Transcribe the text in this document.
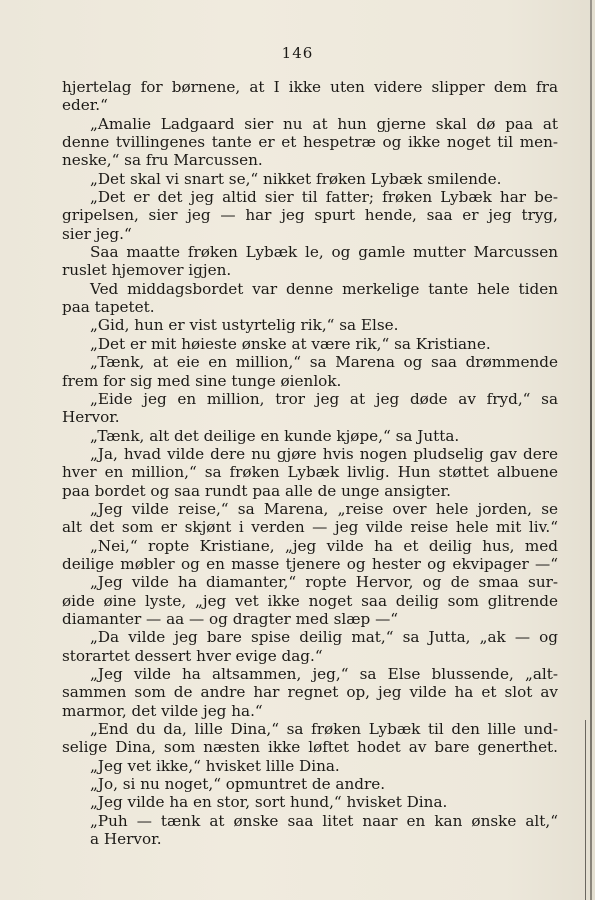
146
hjertelag for børnene, at I ikke uten videre slipper dem fra
eder.“
„Amalie Ladgaard sier nu at hun gjerne skal dø paa at
denne tvillingenes tante er et hespetræ og ikke noget til men-
neske,“ sa fru Marcussen.
„Det skal vi snart se,“ nikket frøken Lybæk smilende.
„Det er det jeg altid sier til fatter; frøken Lybæk har be-
gripelsen, sier jeg — har jeg spurt hende, saa er jeg tryg,
sier jeg.“
Saa maatte frøken Lybæk le, og gamle mutter Marcussen
ruslet hjemover igjen.
Ved middagsbordet var denne merkelige tante hele tiden
paa tapetet.
„Gid, hun er vist ustyrtelig rik,“ sa Else.
„Det er mit høieste ønske at være rik,“ sa Kristiane.
„Tænk, at eie en million,“ sa Marena og saa drømmende
frem for sig med sine tunge øienlok.
„Eide jeg en million, tror jeg at jeg døde av fryd,“ sa
Hervor.
„Tænk, alt det deilige en kunde kjøpe,“ sa Jutta.
„Ja, hvad vilde dere nu gjøre hvis nogen pludselig gav dere
hver en million,“ sa frøken Lybæk livlig. Hun støttet albuene
paa bordet og saa rundt paa alle de unge ansigter.
„Jeg vilde reise,“ sa Marena, „reise over hele jorden, se
alt det som er skjønt i verden — jeg vilde reise hele mit liv.“
„Nei,“ ropte Kristiane, „jeg vilde ha et deilig hus, med
deilige møbler og en masse tjenere og hester og ekvipager —“
„Jeg vilde ha diamanter,“ ropte Hervor, og de smaa sur-
øide øine lyste, „jeg vet ikke noget saa deilig som glitrende
diamanter — aa — og dragter med slæp —“
„Da vilde jeg bare spise deilig mat,“ sa Jutta, „ak — og
storartet dessert hver evige dag.“
„Jeg vilde ha altsammen, jeg,“ sa Else blussende, „alt-
sammen som de andre har regnet op, jeg vilde ha et slot av
marmor, det vilde jeg ha.“
„End du da, lille Dina,“ sa frøken Lybæk til den lille und-
selige Dina, som næsten ikke løftet hodet av bare generthet.
„Jeg vet ikke,“ hvisket lille Dina.
„Jo, si nu noget,“ opmuntret de andre.
„Jeg vilde ha en stor, sort hund,“ hvisket Dina.
„Puh — tænk at ønske saa litet naar en kan ønske alt,“
a Hervor.
